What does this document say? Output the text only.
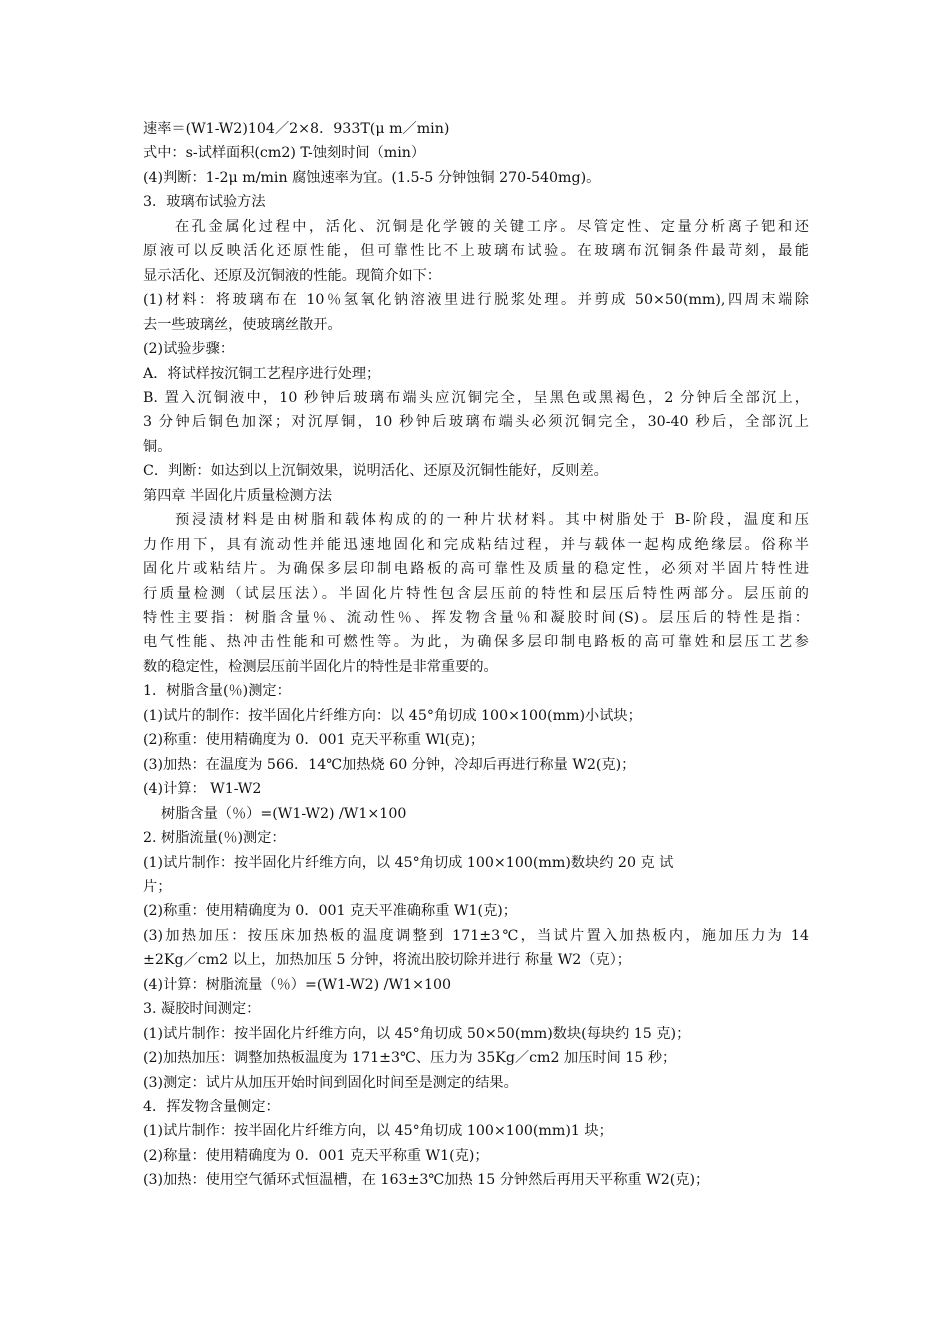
速率＝(W1-W2)104／2×8．933T(μ m／min)
式中：s-试样面积(cm2) T-蚀刻时间（min）
(4)判断：1-2μ m/min 腐蚀速率为宜。(1.5-5 分钟蚀铜 270-540mg)。
3．玻璃布试验方法
在孔金属化过程中，活化、沉铜是化学镀的关键工序。尽管定性、定量分析离子钯和还
原液可以反映活化还原性能，但可靠性比不上玻璃布试验。在玻璃布沉铜条件最苛刻，最能
显示活化、还原及沉铜液的性能。现简介如下：
(1)材料：将玻璃布在 10％氢氧化钠溶液里进行脱浆处理。并剪成 50×50(mm),四周末端除
去一些玻璃丝，使玻璃丝散开。
(2)试验步骤：
A．将试样按沉铜工艺程序进行处理；
B. 置入沉铜液中，10 秒钟后玻璃布端头应沉铜完全，呈黑色或黑褐色，2 分钟后全部沉上，
3 分钟后铜色加深；对沉厚铜，10 秒钟后玻璃布端头必须沉铜完全，30-40 秒后，全部沉上
铜。
C．判断：如达到以上沉铜效果，说明活化、还原及沉铜性能好，反则差。
第四章 半固化片质量检测方法
预浸渍材料是由树脂和载体构成的的一种片状材料。其中树脂处于 B-阶段，温度和压
力作用下，具有流动性并能迅速地固化和完成粘结过程，并与载体一起构成绝缘层。俗称半
固化片或粘结片。为确保多层印制电路板的高可靠性及质量的稳定性，必须对半固片特性进
行质量检测（试层压法）。半固化片特性包含层压前的特性和层压后特性两部分。层压前的
特性主要指：树脂含量％、流动性％、挥发物含量％和凝胶时间(S)。层压后的特性是指：
电气性能、热冲击性能和可燃性等。为此，为确保多层印制电路板的高可靠姓和层压工艺参
数的稳定性，检测层压前半固化片的特性是非常重要的。
1．树脂含量(％)测定：
(1)试片的制作：按半固化片纤维方向：以 45°角切成 100×100(mm)小试块；
(2)称重：使用精确度为 0．001 克天平称重 Wl(克)；
(3)加热：在温度为 566．14℃加热烧 60 分钟，冷却后再进行称量 W2(克)；
(4)计算： W1-W2
树脂含量（％）=(W1-W2) /W1×100
2. 树脂流量(％)测定：
(1)试片制作：按半固化片纤维方向，以 45°角切成 100×100(mm)数块约 20 克 试
片；
(2)称重：使用精确度为 0．001 克天平准确称重 W1(克)；
(3)加热加压：按压床加热板的温度调整到 171±3℃，当试片置入加热板内，施加压力为 14
±2Kg／cm2 以上，加热加压 5 分钟，将流出胶切除并进行 称量 W2（克）；
(4)计算：树脂流量（％）=(W1-W2) /W1×100
3. 凝胶时间测定：
(1)试片制作：按半固化片纤维方向，以 45°角切成 50×50(mm)数块(每块约 15 克)；
(2)加热加压：调整加热板温度为 171±3℃、压力为 35Kg／cm2 加压时间 15 秒；
(3)测定：试片从加压开始时间到固化时间至是测定的结果。
4．挥发物含量侧定：
(1)试片制作：按半固化片纤维方向，以 45°角切成 100×100(mm)1 块；
(2)称量：使用精确度为 0．001 克天平称重 W1(克)；
(3)加热：使用空气循环式恒温槽，在 163±3℃加热 15 分钟然后再用天平称重 W2(克)；
